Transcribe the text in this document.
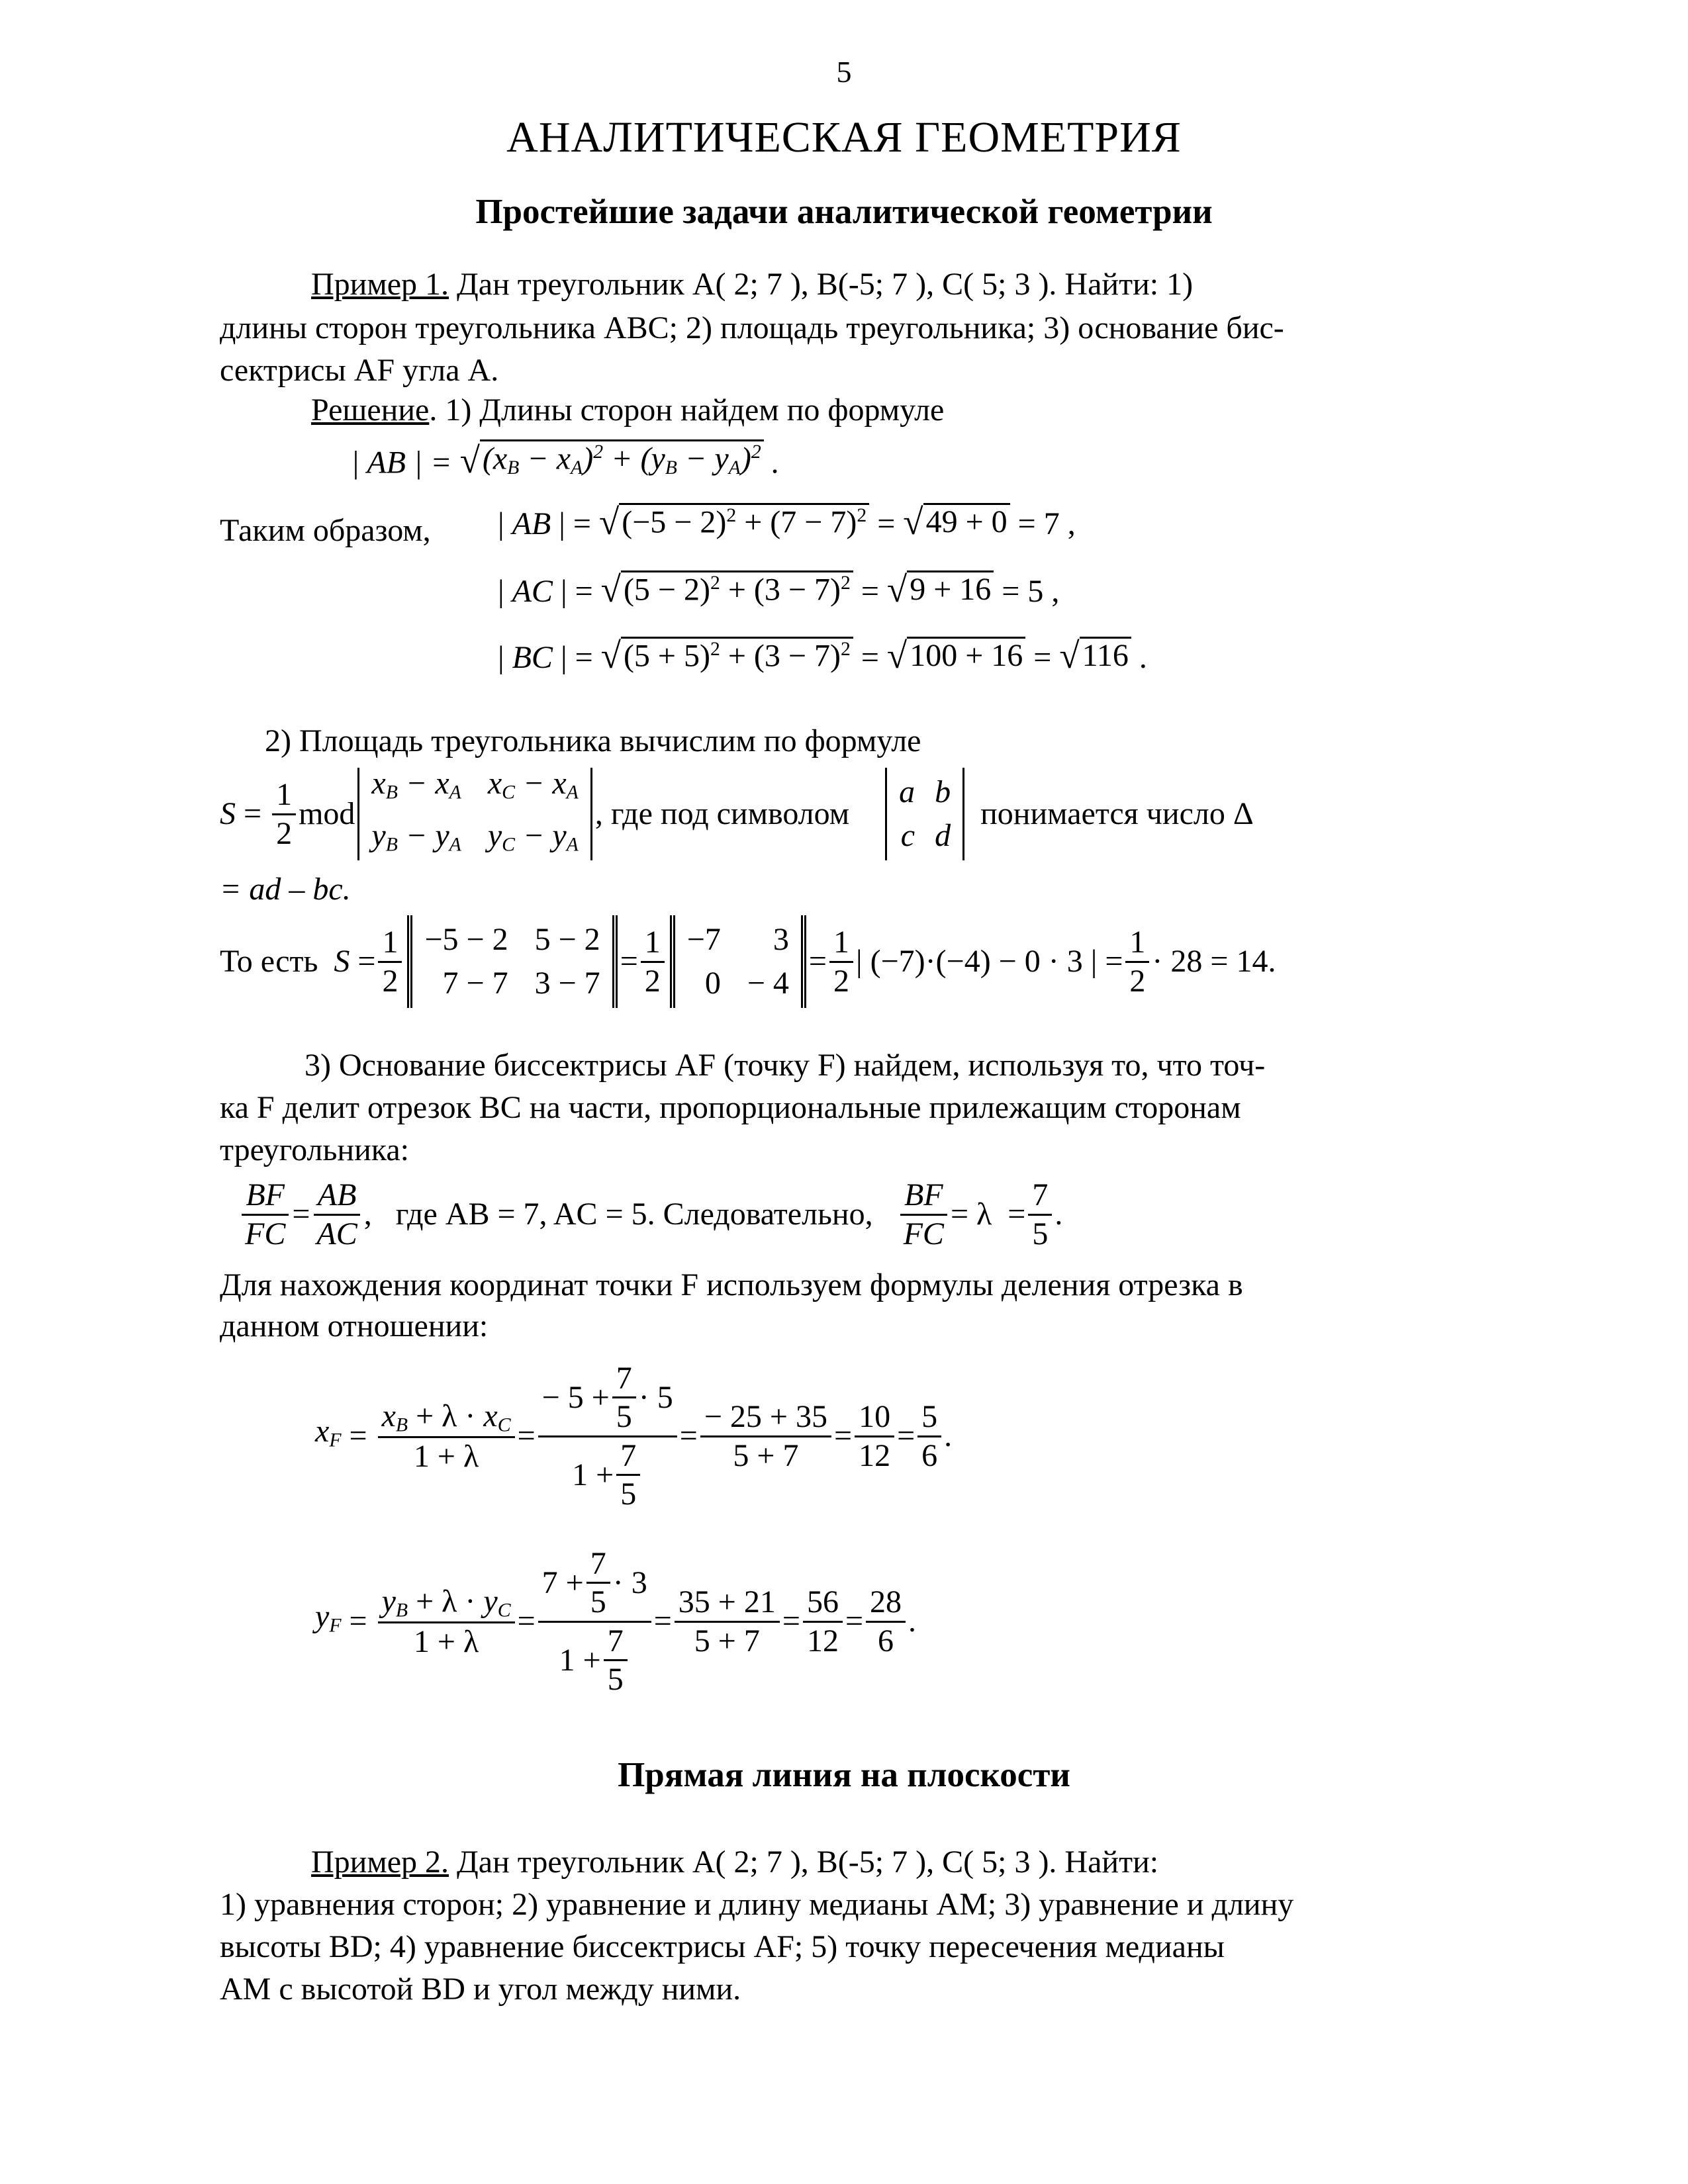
5
АНАЛИТИЧЕСКАЯ ГЕОМЕТРИЯ
Простейшие задачи аналитической геометрии
Пример 1. Дан треугольник A( 2; 7 ), B(-5; 7 ), C( 5; 3 ). Найти: 1)
длины сторон треугольника ABC; 2) площадь треугольника; 3) основание бис-
сектрисы AF угла A.
Решение. 1) Длины сторон найдем по формуле
| AB | = √ $(x_B - x_A)^2 + (y_B - y_A)^2$ .
Таким образом, | AB | = √ $(-5 - 2)^2 + (7 - 7)^2$ = √ 49 + 0 = 7 ,
| AC | = √ $(5 - 2)^2 + (3 - 7)^2$ = √ 9 + 16 = 5 ,
| BC | = √ $(5 + 5)^2 + (3 - 7)^2$ = √ 100 + 16 = √ 116 .
2) Площадь треугольника вычислим по формуле
$S = \frac{1}{2}$ mod
$x_B - x_A$ $x_C - x_A$
$y_B - y_A$ $y_C - y_A$
, где под символом
a b
c d
понимается число Δ
= ad – bc.
То есть
$S = \frac{1}{2} -5 - 2$ 5 − 2
7 − 7 3 − 7
= $\frac{1}{2} -7$	3
0 − 4
= $\frac{1}{2}$ | (−7)·(−4) − 0 · 3 | = $\frac{1}{2} \cdot 28 = 14$.
3) Основание биссектрисы AF (точку F) найдем, используя то, что точ-
ка F делит отрезок BC на части, пропорциональные прилежащим сторонам
треугольника:
$\frac{BF}{FC} = \frac{AB}{AC}$ , где AB = 7, AC = 5. Следовательно,
$\frac{BF}{FC} = \lambda = \frac{7}{5}$ .
Для нахождения координат точки F используем формулы деления отрезка в
данном отношении:
$x_F = \frac{x_B + \lambda \cdot x_C}{1 + \lambda} = \frac{- 5 + \frac{7}{5} \cdot 5}{1 + \frac{7}{5}} = \frac{- 25 + 35}{5 + 7} = \frac{10}{12} = \frac{5}{6}$ .
$y_F = \frac{y_B + \lambda \cdot y_C}{1 + \lambda} = \frac{7 + \frac{7}{5} \cdot 3}{1 + \frac{7}{5}} = \frac{35 + 21}{5 + 7} = \frac{56}{12} = \frac{28}{6}$ .
Прямая линия на плоскости
Пример 2. Дан треугольник A( 2; 7 ), B(-5; 7 ), C( 5; 3 ). Найти:
1) уравнения сторон; 2) уравнение и длину медианы AM; 3) уравнение и длину
высоты BD; 4) уравнение биссектрисы AF; 5) точку пересечения медианы
AM с высотой BD и угол между ними.
